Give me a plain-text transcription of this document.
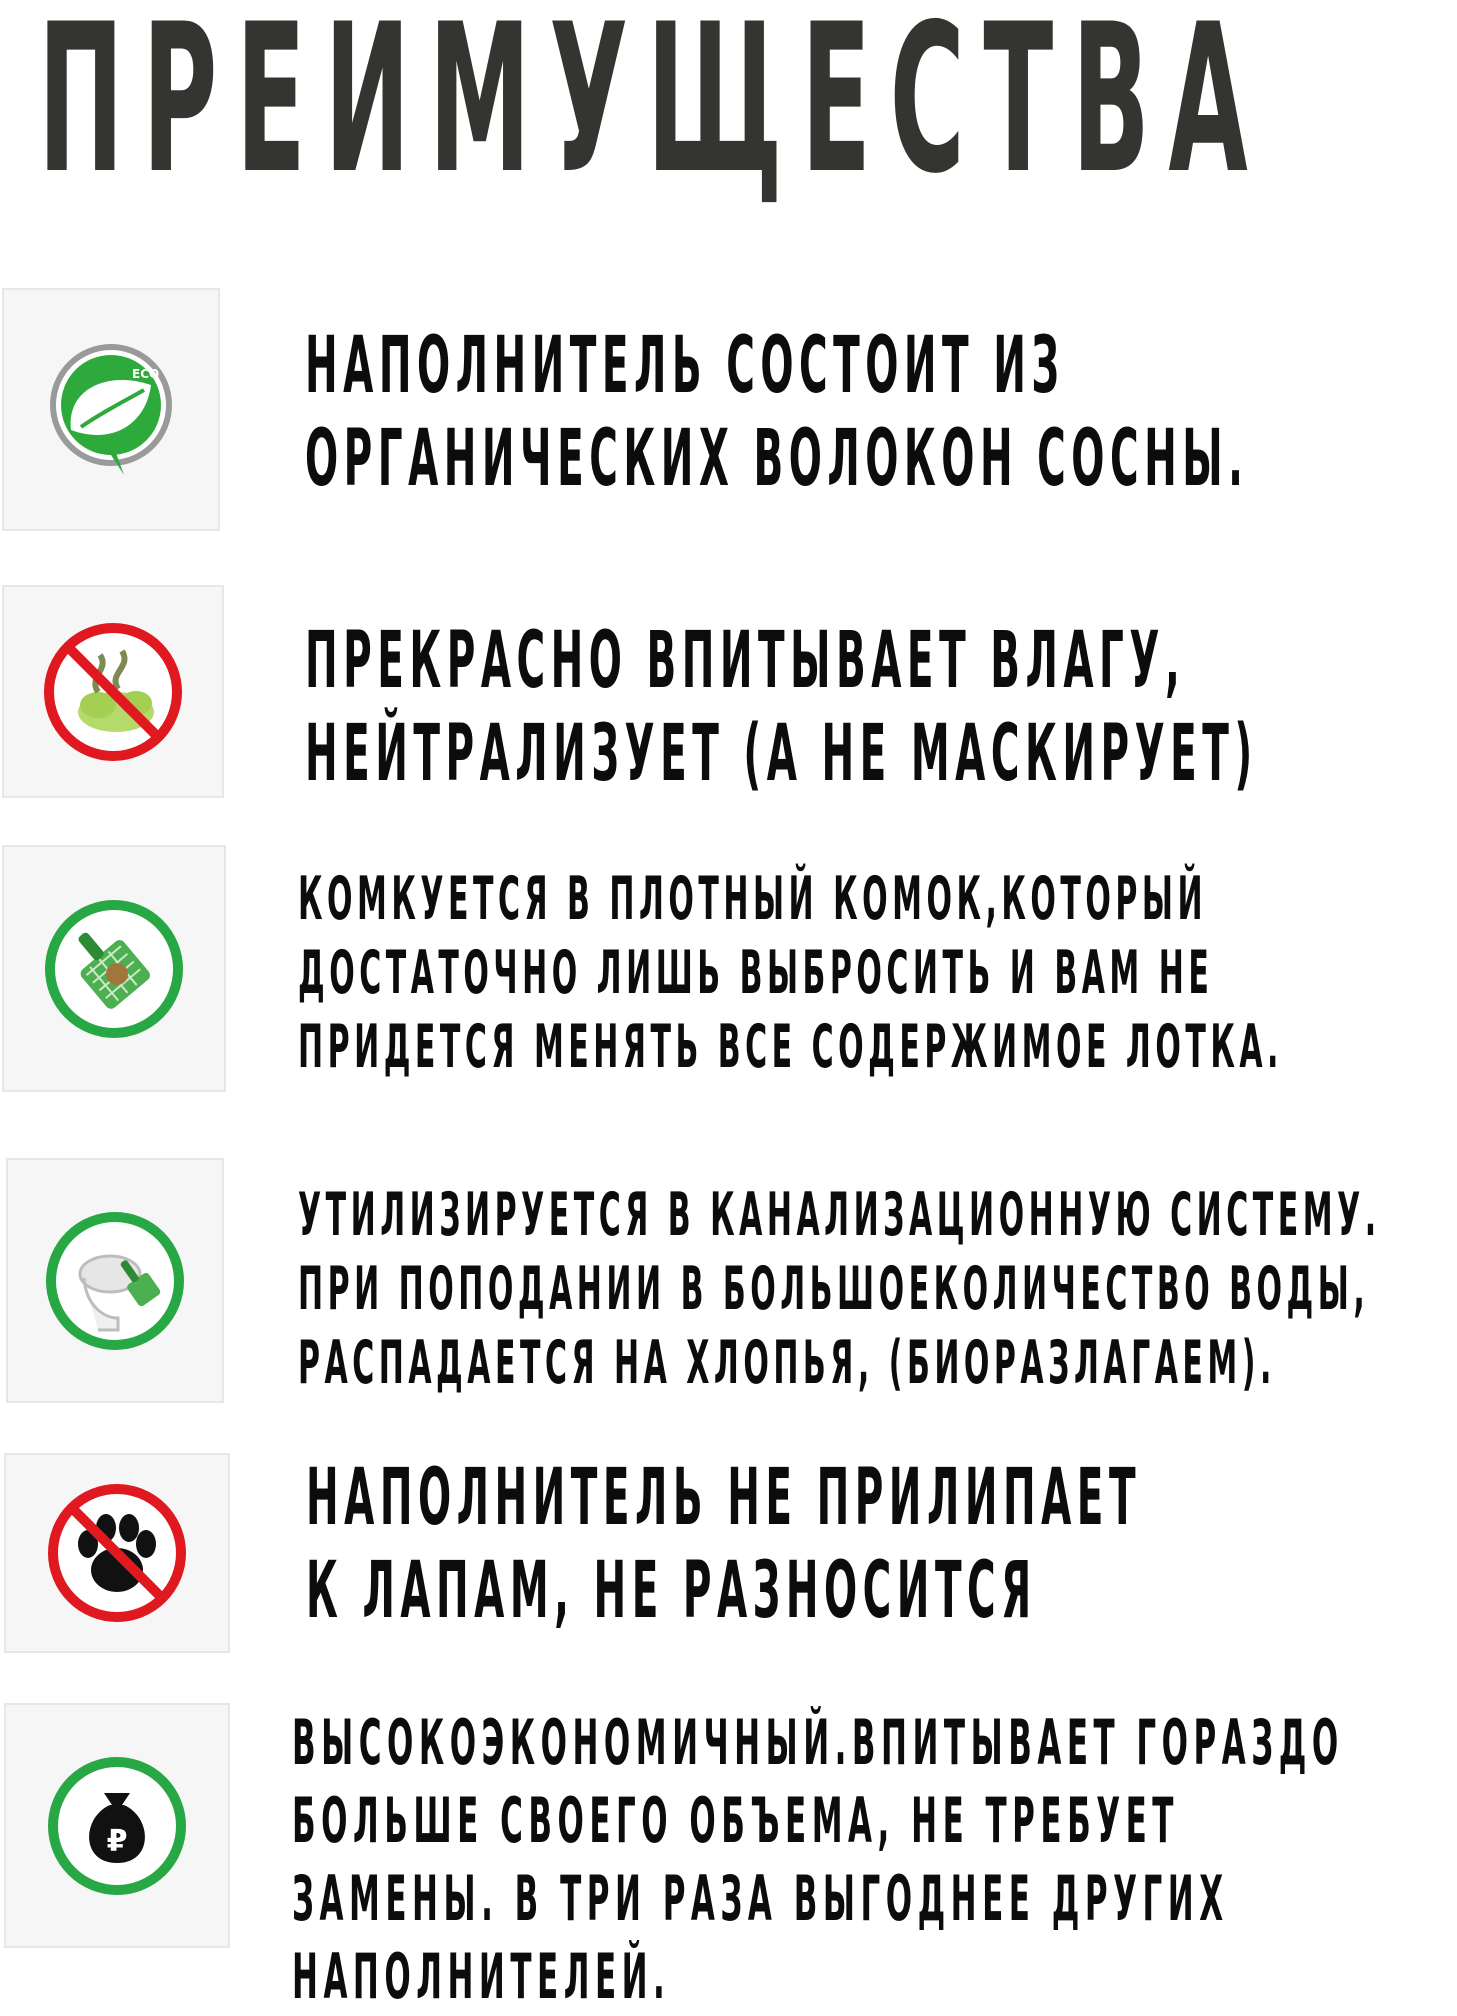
ПРЕИМУЩЕСТВА
ECO НАПОЛНИТЕЛЬ СОСТОИТ ИЗ
ОРГАНИЧЕСКИХ ВОЛОКОН СОСНЫ.
ПРЕКРАСНО ВПИТЫВАЕТ ВЛАГУ,
НЕЙТРАЛИЗУЕТ (А НЕ МАСКИРУЕТ)
КОМКУЕТСЯ В ПЛОТНЫЙ КОМОК,КОТОРЫЙ
ДОСТАТОЧНО ЛИШЬ ВЫБРОСИТЬ И ВАМ НЕ
ПРИДЕТСЯ МЕНЯТЬ ВСЕ СОДЕРЖИМОЕ ЛОТКА.
УТИЛИЗИРУЕТСЯ В КАНАЛИЗАЦИОННУЮ СИСТЕМУ.
ПРИ ПОПОДАНИИ В БОЛЬШОЕКОЛИЧЕСТВО ВОДЫ,
РАСПАДАЕТСЯ НА ХЛОПЬЯ, (БИОРАЗЛАГАЕМ).
НАПОЛНИТЕЛЬ НЕ ПРИЛИПАЕТ
К ЛАПАМ, НЕ РАЗНОСИТСЯ
₽
ВЫСОКОЭКОНОМИЧНЫЙ.ВПИТЫВАЕТ ГОРАЗДО
БОЛЬШЕ СВОЕГО ОБЪЕМА, НЕ ТРЕБУЕТ
ЗАМЕНЫ. В ТРИ РАЗА ВЫГОДНЕЕ ДРУГИХ
НАПОЛНИТЕЛЕЙ.
